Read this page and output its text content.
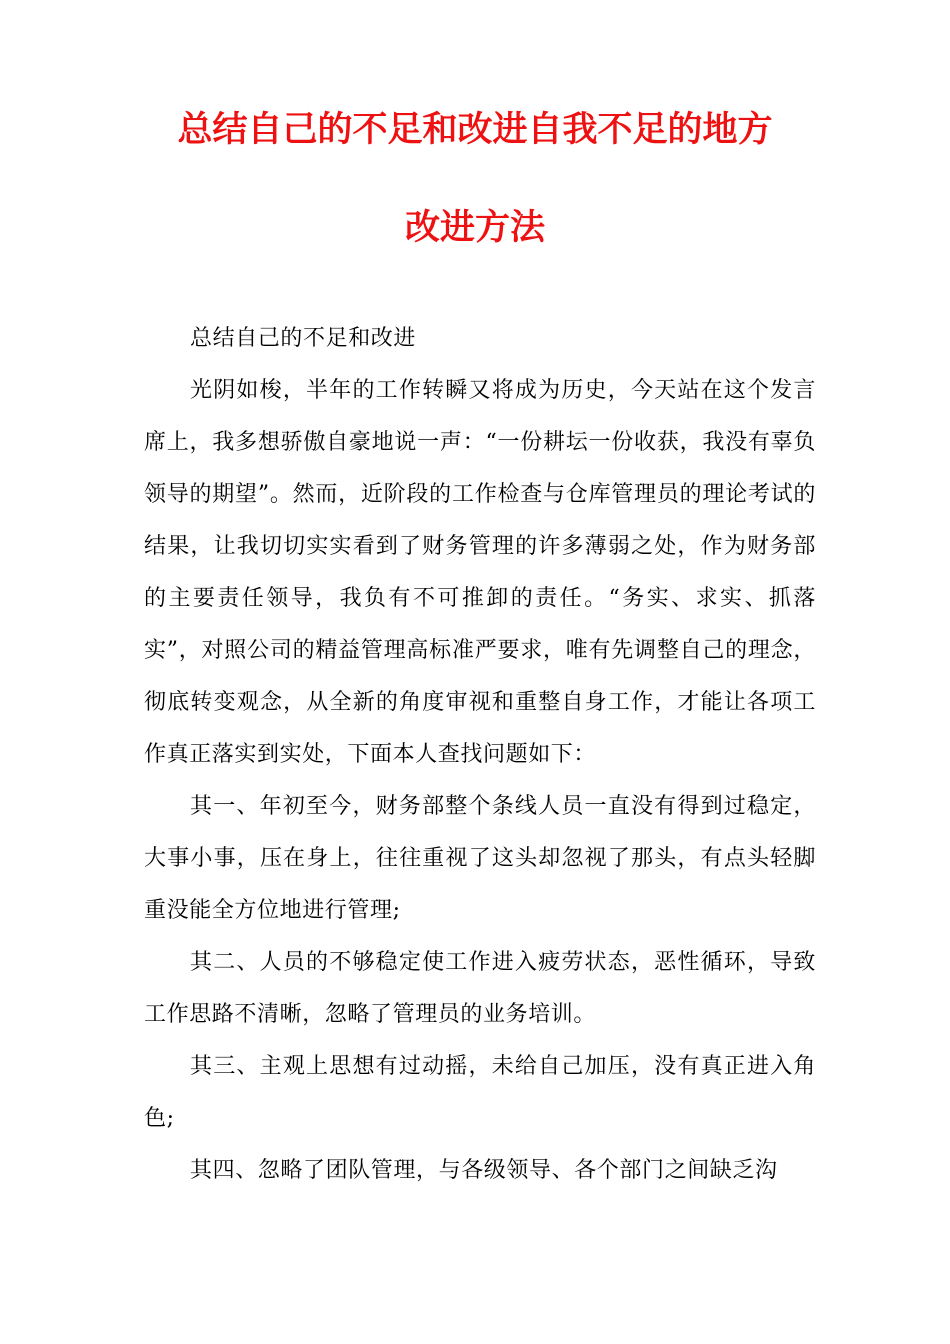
总结自己的不足和改进自我不足的地方
改进方法

总结自己的不足和改进

光阴如梭，半年的工作转瞬又将成为历史，今天站在这个发言席上，我多想骄傲自豪地说一声：“一份耕坛一份收获，我没有辜负领导的期望”。然而，近阶段的工作检查与仓库管理员的理论考试的结果，让我切切实实看到了财务管理的许多薄弱之处，作为财务部的主要责任领导，我负有不可推卸的责任。“务实、求实、抓落实”，对照公司的精益管理高标准严要求，唯有先调整自己的理念，彻底转变观念，从全新的角度审视和重整自身工作，才能让各项工作真正落实到实处，下面本人查找问题如下：

其一、年初至今，财务部整个条线人员一直没有得到过稳定，大事小事，压在身上，往往重视了这头却忽视了那头，有点头轻脚重没能全方位地进行管理;

其二、人员的不够稳定使工作进入疲劳状态，恶性循环，导致工作思路不清晰，忽略了管理员的业务培训。

其三、主观上思想有过动摇，未给自己加压，没有真正进入角色;

其四、忽略了团队管理，与各级领导、各个部门之间缺乏沟
